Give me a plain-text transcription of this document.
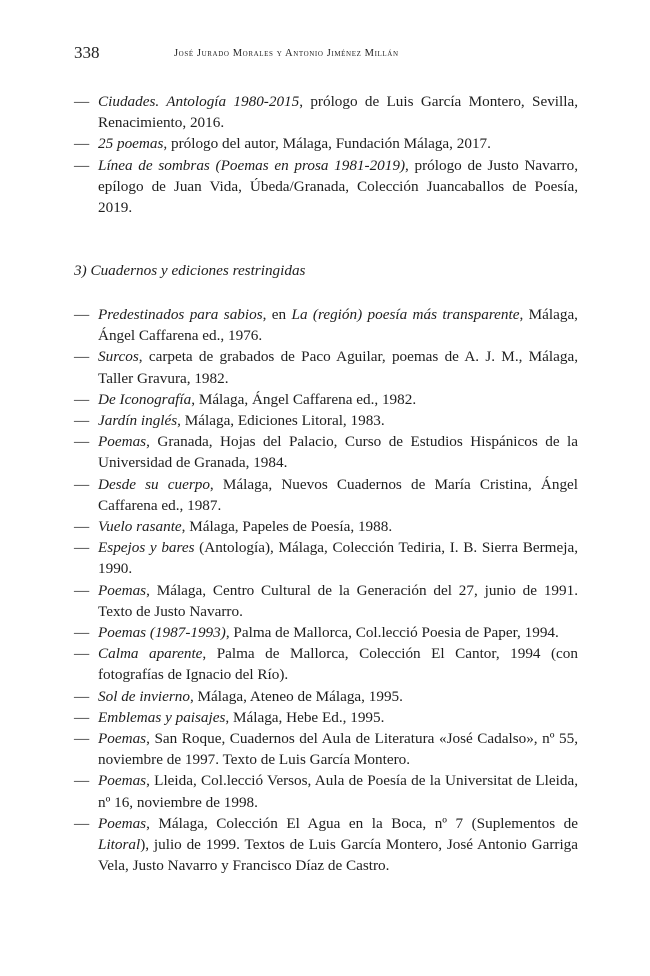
338	José Jurado Morales y Antonio Jiménez Millán
— Ciudades. Antología 1980-2015, prólogo de Luis García Montero, Sevilla, Renacimiento, 2016.
— 25 poemas, prólogo del autor, Málaga, Fundación Málaga, 2017.
— Línea de sombras (Poemas en prosa 1981-2019), prólogo de Justo Navarro, epílogo de Juan Vida, Úbeda/Granada, Colección Juancaballos de Poesía, 2019.
3) Cuadernos y ediciones restringidas
— Predestinados para sabios, en La (región) poesía más transparente, Málaga, Ángel Caffarena ed., 1976.
— Surcos, carpeta de grabados de Paco Aguilar, poemas de A. J. M., Málaga, Taller Gravura, 1982.
— De Iconografía, Málaga, Ángel Caffarena ed., 1982.
— Jardín inglés, Málaga, Ediciones Litoral, 1983.
— Poemas, Granada, Hojas del Palacio, Curso de Estudios Hispánicos de la Universidad de Granada, 1984.
— Desde su cuerpo, Málaga, Nuevos Cuadernos de María Cristina, Ángel Caffarena ed., 1987.
— Vuelo rasante, Málaga, Papeles de Poesía, 1988.
— Espejos y bares (Antología), Málaga, Colección Tediria, I. B. Sierra Bermeja, 1990.
— Poemas, Málaga, Centro Cultural de la Generación del 27, junio de 1991. Texto de Justo Navarro.
— Poemas (1987-1993), Palma de Mallorca, Col.lecció Poesia de Paper, 1994.
— Calma aparente, Palma de Mallorca, Colección El Cantor, 1994 (con fotografías de Ignacio del Río).
— Sol de invierno, Málaga, Ateneo de Málaga, 1995.
— Emblemas y paisajes, Málaga, Hebe Ed., 1995.
— Poemas, San Roque, Cuadernos del Aula de Literatura «José Cadalso», nº 55, noviembre de 1997. Texto de Luis García Montero.
— Poemas, Lleida, Col.lecció Versos, Aula de Poesía de la Universitat de Lleida, nº 16, noviembre de 1998.
— Poemas, Málaga, Colección El Agua en la Boca, nº 7 (Suplementos de Litoral), julio de 1999. Textos de Luis García Montero, José Antonio Garriga Vela, Justo Navarro y Francisco Díaz de Castro.
